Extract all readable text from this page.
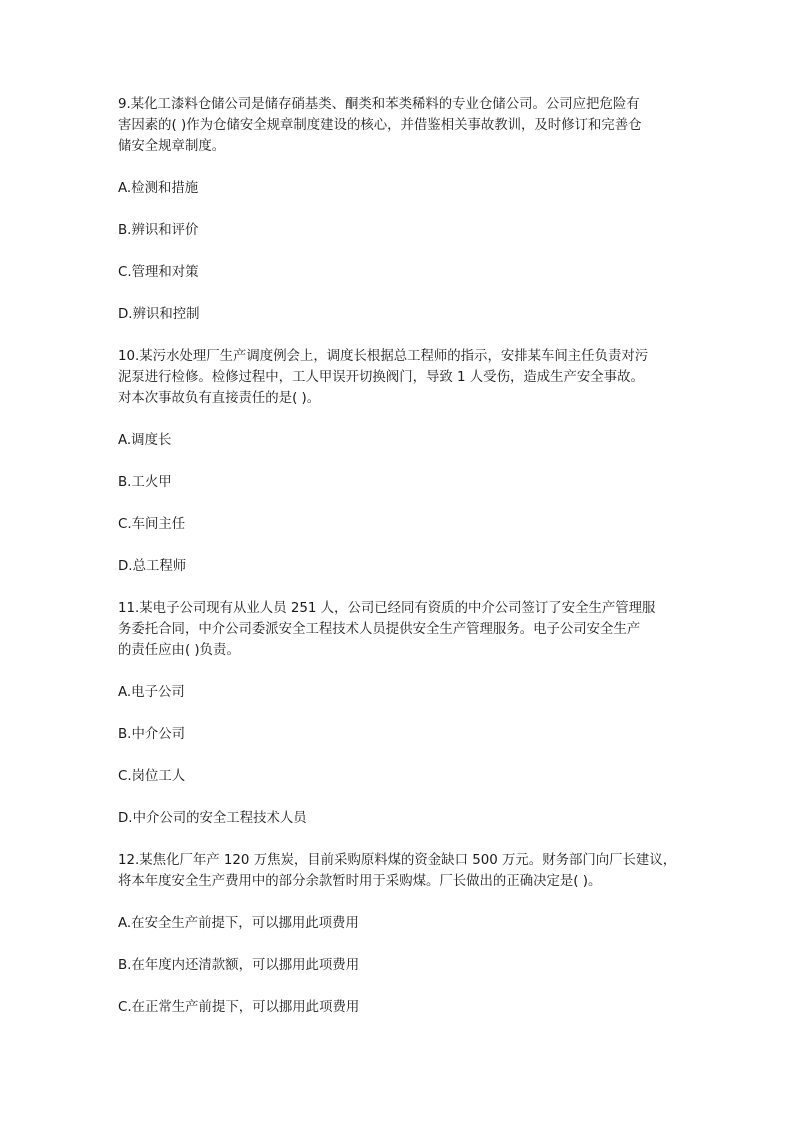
9.某化工漆料仓储公司是储存硝基类、酮类和苯类稀料的专业仓储公司。公司应把危险有
害因素的( )作为仓储安全规章制度建设的核心，并借鉴相关事故教训，及时修订和完善仓
储安全规章制度。

A.检测和措施

B.辨识和评价

C.管理和对策

D.辨识和控制

10.某污水处理厂生产调度例会上，调度长根据总工程师的指示，安排某车间主任负责对污
泥泵进行检修。检修过程中，工人甲误开切换阀门，导致 1 人受伤，造成生产安全事故。
对本次事故负有直接责任的是( )。

A.调度长

B.工火甲

C.车间主任

D.总工程师

11.某电子公司现有从业人员 251 人，公司已经同有资质的中介公司签订了安全生产管理服
务委托合同，中介公司委派安全工程技术人员提供安全生产管理服务。电子公司安全生产
的责任应由( )负责。

A.电子公司

B.中介公司

C.岗位工人

D.中介公司的安全工程技术人员

12.某焦化厂年产 120 万焦炭，目前采购原料煤的资金缺口 500 万元。财务部门向厂长建议，
将本年度安全生产费用中的部分余款暂时用于采购煤。厂长做出的正确决定是( )。

A.在安全生产前提下，可以挪用此项费用

B.在年度内还清款额，可以挪用此项费用

C.在正常生产前提下，可以挪用此项费用
